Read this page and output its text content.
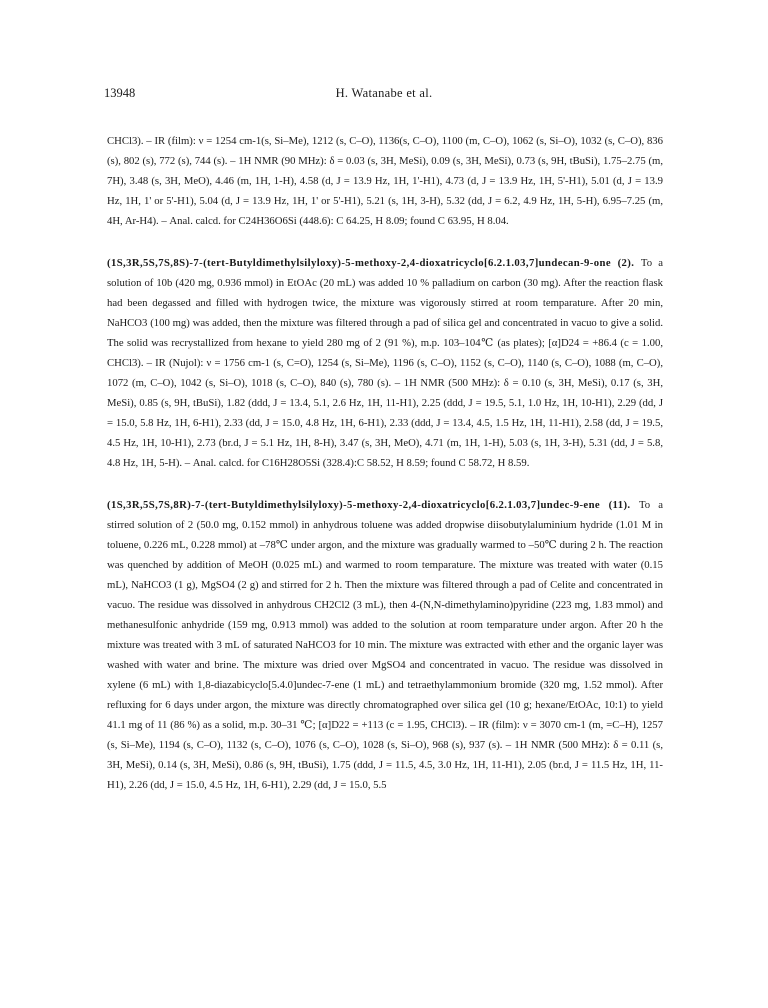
13948	H. Watanabe et al.

CHCl3). – IR (film): ν = 1254 cm-1(s, Si–Me), 1212 (s, C–O), 1136(s, C–O), 1100 (m, C–O), 1062 (s, Si–O), 1032 (s, C–O), 836 (s), 802 (s), 772 (s), 744 (s). – 1H NMR (90 MHz): δ = 0.03 (s, 3H, MeSi), 0.09 (s, 3H, MeSi), 0.73 (s, 9H, tBuSi), 1.75–2.75 (m, 7H), 3.48 (s, 3H, MeO), 4.46 (m, 1H, 1-H), 4.58 (d, J = 13.9 Hz, 1H, 1'-H1), 4.73 (d, J = 13.9 Hz, 1H, 5'-H1), 5.01 (d, J = 13.9 Hz, 1H, 1' or 5'-H1), 5.04 (d, J = 13.9 Hz, 1H, 1' or 5'-H1), 5.21 (s, 1H, 3-H), 5.32 (dd, J = 6.2, 4.9 Hz, 1H, 5-H), 6.95–7.25 (m, 4H, Ar-H4). – Anal. calcd. for C24H36O6Si (448.6): C 64.25, H 8.09; found C 63.95, H 8.04.

(1S,3R,5S,7S,8S)-7-(tert-Butyldimethylsilyloxy)-5-methoxy-2,4-dioxatricyclo[6.2.1.03,7]undecan-9-one (2). To a solution of 10b (420 mg, 0.936 mmol) in EtOAc (20 mL) was added 10 % palladium on carbon (30 mg). After the reaction flask had been degassed and filled with hydrogen twice, the mixture was vigorously stirred at room temparature. After 20 min, NaHCO3 (100 mg) was added, then the mixture was filtered through a pad of silica gel and concentrated in vacuo to give a solid. The solid was recrystallized from hexane to yield 280 mg of 2 (91 %), m.p. 103–104℃ (as plates); [α]D24 = +86.4 (c = 1.00, CHCl3). – IR (Nujol): ν = 1756 cm-1 (s, C=O), 1254 (s, Si–Me), 1196 (s, C–O), 1152 (s, C–O), 1140 (s, C–O), 1088 (m, C–O), 1072 (m, C–O), 1042 (s, Si–O), 1018 (s, C–O), 840 (s), 780 (s). – 1H NMR (500 MHz): δ = 0.10 (s, 3H, MeSi), 0.17 (s, 3H, MeSi), 0.85 (s, 9H, tBuSi), 1.82 (ddd, J = 13.4, 5.1, 2.6 Hz, 1H, 11-H1), 2.25 (ddd, J = 19.5, 5.1, 1.0 Hz, 1H, 10-H1), 2.29 (dd, J = 15.0, 5.8 Hz, 1H, 6-H1), 2.33 (dd, J = 15.0, 4.8 Hz, 1H, 6-H1), 2.33 (ddd, J = 13.4, 4.5, 1.5 Hz, 1H, 11-H1), 2.58 (dd, J = 19.5, 4.5 Hz, 1H, 10-H1), 2.73 (br.d, J = 5.1 Hz, 1H, 8-H), 3.47 (s, 3H, MeO), 4.71 (m, 1H, 1-H), 5.03 (s, 1H, 3-H), 5.31 (dd, J = 5.8, 4.8 Hz, 1H, 5-H). – Anal. calcd. for C16H28O5Si (328.4):C 58.52, H 8.59; found C 58.72, H 8.59.

(1S,3R,5S,7S,8R)-7-(tert-Butyldimethylsilyloxy)-5-methoxy-2,4-dioxatricyclo[6.2.1.03,7]undec-9-ene (11). To a stirred solution of 2 (50.0 mg, 0.152 mmol) in anhydrous toluene was added dropwise diisobutylaluminium hydride (1.01 M in toluene, 0.226 mL, 0.228 mmol) at –78℃ under argon, and the mixture was gradually warmed to –50℃ during 2 h. The reaction was quenched by addition of MeOH (0.025 mL) and warmed to room temparature. The mixture was treated with water (0.15 mL), NaHCO3 (1 g), MgSO4 (2 g) and stirred for 2 h. Then the mixture was filtered through a pad of Celite and concentrated in vacuo. The residue was dissolved in anhydrous CH2Cl2 (3 mL), then 4-(N,N-dimethylamino)pyridine (223 mg, 1.83 mmol) and methanesulfonic anhydride (159 mg, 0.913 mmol) was added to the solution at room temparature under argon. After 20 h the mixture was treated with 3 mL of saturated NaHCO3 for 10 min. The mixture was extracted with ether and the organic layer was washed with water and brine. The mixture was dried over MgSO4 and concentrated in vacuo. The residue was dissolved in xylene (6 mL) with 1,8-diazabicyclo[5.4.0]undec-7-ene (1 mL) and tetraethylammonium bromide (320 mg, 1.52 mmol). After refluxing for 6 days under argon, the mixture was directly chromatographed over silica gel (10 g; hexane/EtOAc, 10:1) to yield 41.1 mg of 11 (86 %) as a solid, m.p. 30–31 ℃; [α]D22 = +113 (c = 1.95, CHCl3). – IR (film): ν = 3070 cm-1 (m, =C–H), 1257 (s, Si–Me), 1194 (s, C–O), 1132 (s, C–O), 1076 (s, C–O), 1028 (s, Si–O), 968 (s), 937 (s). – 1H NMR (500 MHz): δ = 0.11 (s, 3H, MeSi), 0.14 (s, 3H, MeSi), 0.86 (s, 9H, tBuSi), 1.75 (ddd, J = 11.5, 4.5, 3.0 Hz, 1H, 11-H1), 2.05 (br.d, J = 11.5 Hz, 1H, 11-H1), 2.26 (dd, J = 15.0, 4.5 Hz, 1H, 6-H1), 2.29 (dd, J = 15.0, 5.5
